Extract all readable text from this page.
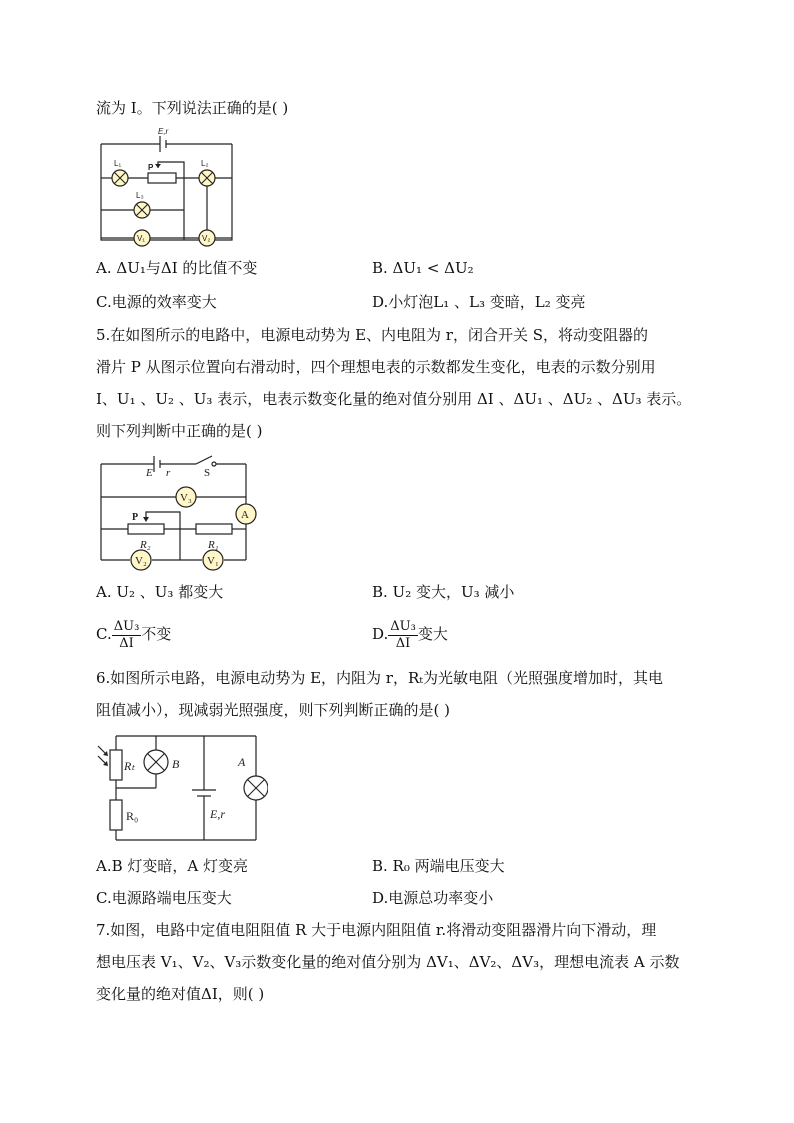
流为 I。下列说法正确的是( )
E,r
L₁	P	L₂
L₃
V₁	V₂
A. ΔU₁与ΔI 的比值不变	B. ΔU₁ < ΔU₂
C.电源的效率变大	D.小灯泡L₁ 、L₃ 变暗，L₂ 变亮
5.在如图所示的电路中，电源电动势为 E、内电阻为 r，闭合开关 S，将动变阻器的
滑片 P 从图示位置向右滑动时，四个理想电表的示数都发生变化，电表的示数分别用
I、U₁ 、U₂ 、U₃ 表示，电表示数变化量的绝对值分别用 ΔI 、ΔU₁ 、ΔU₂ 、ΔU₃ 表示。
则下列判断中正确的是( )
E r	S
V₃
A
P
R₂	R₁
V₂	V₁
A. U₂ 、U₃ 都变大	B. U₂ 变大，U₃ 减小
C. $\frac{\text{ΔU₃}}{\Delta I}$ 不变	D. $\frac{\text{ΔU₃}}{\Delta I}$ 变大
6.如图所示电路，电源电动势为 E，内阻为 r，Rₜ为光敏电阻（光照强度增加时，其电
阻值减小），现减弱光照强度，则下列判断正确的是( )
Rₜ	B	A
R₀	E,r
A.B 灯变暗，A 灯变亮	B. R₀ 两端电压变大
C.电源路端电压变大	D.电源总功率变小
7.如图，电路中定值电阻阻值 R 大于电源内阻阻值 r.将滑动变阻器滑片向下滑动，理
想电压表 V₁、V₂、V₃示数变化量的绝对值分别为 ΔV₁、ΔV₂、ΔV₃，理想电流表 A 示数
变化量的绝对值ΔI，则( )
